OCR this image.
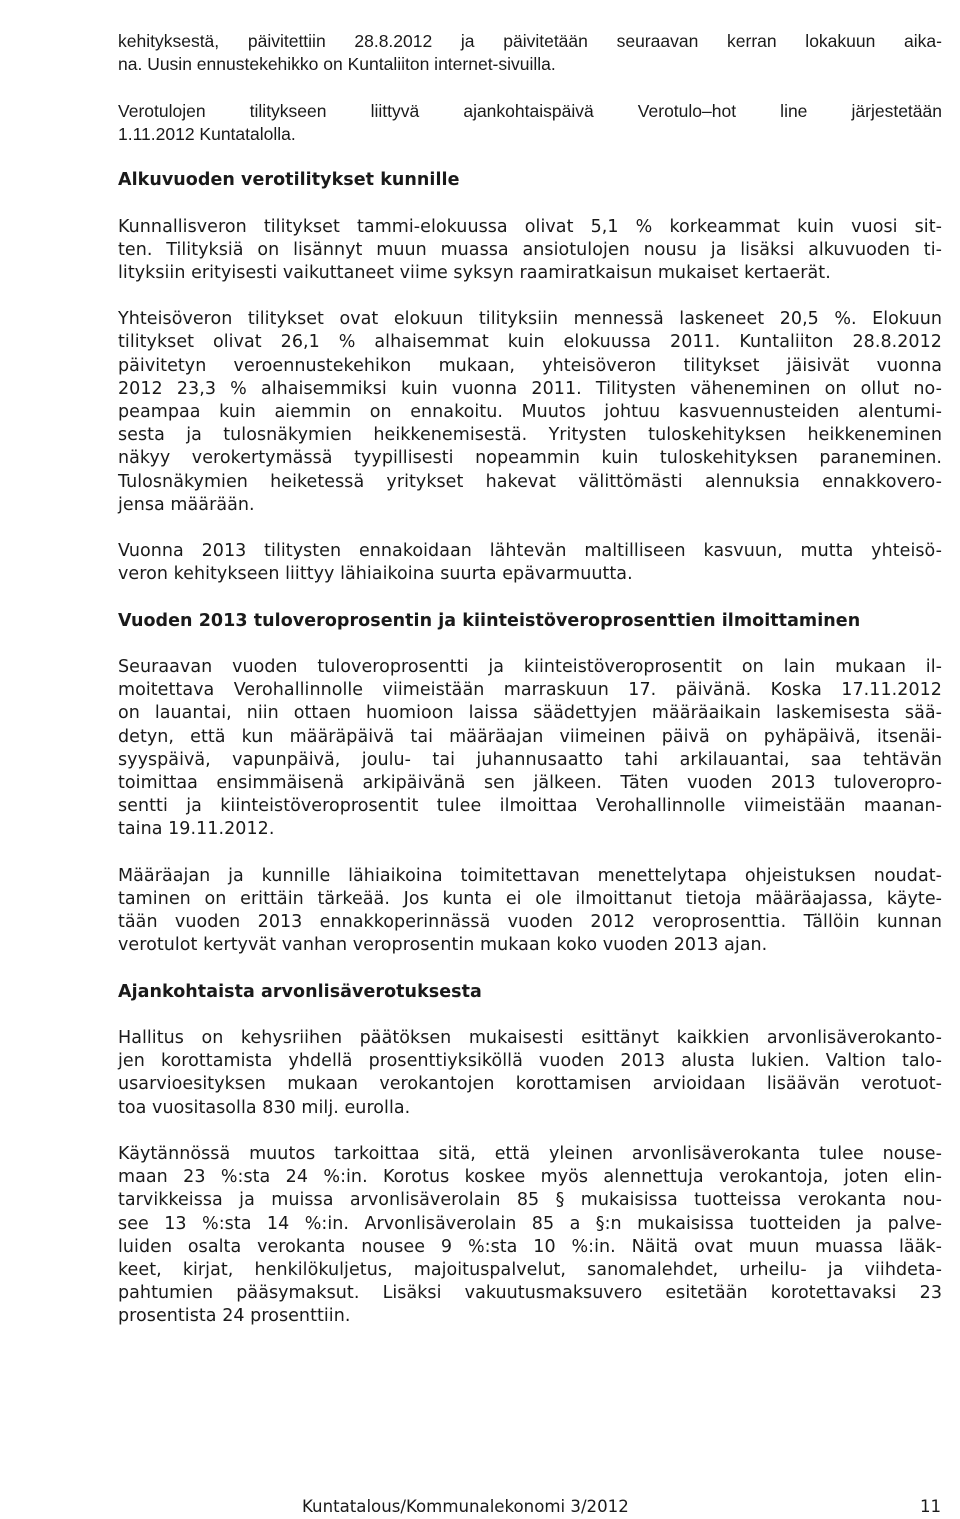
kehityksestä, päivitettiin 28.8.2012 ja päivitetään seuraavan kerran lokakuun aika-
na. Uusin ennustekehikko on Kuntaliiton internet-sivuilla.
Verotulojen tilitykseen liittyvä ajankohtaispäivä Verotulo–hot line järjestetään
1.11.2012 Kuntatalolla.
Alkuvuoden verotilitykset kunnille
Kunnallisveron tilitykset tammi-elokuussa olivat 5,1 % korkeammat kuin vuosi sit-
ten. Tilityksiä on lisännyt muun muassa ansiotulojen nousu ja lisäksi alkuvuoden ti-
lityksiin erityisesti vaikuttaneet viime syksyn raamiratkaisun mukaiset kertaerät.
Yhteisöveron tilitykset ovat elokuun tilityksiin mennessä laskeneet 20,5 %. Elokuun
tilitykset olivat 26,1 % alhaisemmat kuin elokuussa 2011. Kuntaliiton 28.8.2012
päivitetyn veroennustekehikon mukaan, yhteisöveron tilitykset jäisivät vuonna
2012 23,3 % alhaisemmiksi kuin vuonna 2011. Tilitysten väheneminen on ollut no-
peampaa kuin aiemmin on ennakoitu. Muutos johtuu kasvuennusteiden alentumi-
sesta ja tulosnäkymien heikkenemisestä. Yritysten tuloskehityksen heikkeneminen
näkyy verokertymässä tyypillisesti nopeammin kuin tuloskehityksen paraneminen.
Tulosnäkymien heiketessä yritykset hakevat välittömästi alennuksia ennakkovero-
jensa määrään.
Vuonna 2013 tilitysten ennakoidaan lähtevän maltilliseen kasvuun, mutta yhteisö-
veron kehitykseen liittyy lähiaikoina suurta epävarmuutta.
Vuoden 2013 tuloveroprosentin ja kiinteistöveroprosenttien ilmoittaminen
Seuraavan vuoden tuloveroprosentti ja kiinteistöveroprosentit on lain mukaan il-
moitettava Verohallinnolle viimeistään marraskuun 17. päivänä. Koska 17.11.2012
on lauantai, niin ottaen huomioon laissa säädettyjen määräaikain laskemisesta sää-
detyn, että kun määräpäivä tai määräajan viimeinen päivä on pyhäpäivä, itsenäi-
syyspäivä, vapunpäivä, joulu- tai juhannusaatto tahi arkilauantai, saa tehtävän
toimittaa ensimmäisenä arkipäivänä sen jälkeen. Täten vuoden 2013 tuloveropro-
sentti ja kiinteistöveroprosentit tulee ilmoittaa Verohallinnolle viimeistään maanan-
taina 19.11.2012.
Määräajan ja kunnille lähiaikoina toimitettavan menettelytapa ohjeistuksen noudat-
taminen on erittäin tärkeää. Jos kunta ei ole ilmoittanut tietoja määräajassa, käyte-
tään vuoden 2013 ennakkoperinnässä vuoden 2012 veroprosenttia. Tällöin kunnan
verotulot kertyvät vanhan veroprosentin mukaan koko vuoden 2013 ajan.
Ajankohtaista arvonlisäverotuksesta
Hallitus on kehysriihen päätöksen mukaisesti esittänyt kaikkien arvonlisäverokanto-
jen korottamista yhdellä prosenttiyksiköllä vuoden 2013 alusta lukien. Valtion talo-
usarvioesityksen mukaan verokantojen korottamisen arvioidaan lisäävän verotuot-
toa vuositasolla 830 milj. eurolla.
Käytännössä muutos tarkoittaa sitä, että yleinen arvonlisäverokanta tulee nouse-
maan 23 %:sta 24 %:in. Korotus koskee myös alennettuja verokantoja, joten elin-
tarvikkeissa ja muissa arvonlisäverolain 85 § mukaisissa tuotteissa verokanta nou-
see 13 %:sta 14 %:in. Arvonlisäverolain 85 a §:n mukaisissa tuotteiden ja palve-
luiden osalta verokanta nousee 9 %:sta 10 %:in. Näitä ovat muun muassa lääk-
keet, kirjat, henkilökuljetus, majoituspalvelut, sanomalehdet, urheilu- ja viihdeta-
pahtumien pääsymaksut. Lisäksi vakuutusmaksuvero esitetään korotettavaksi 23
prosentista 24 prosenttiin.
Kuntatalous/Kommunalekonomi 3/2012	11
